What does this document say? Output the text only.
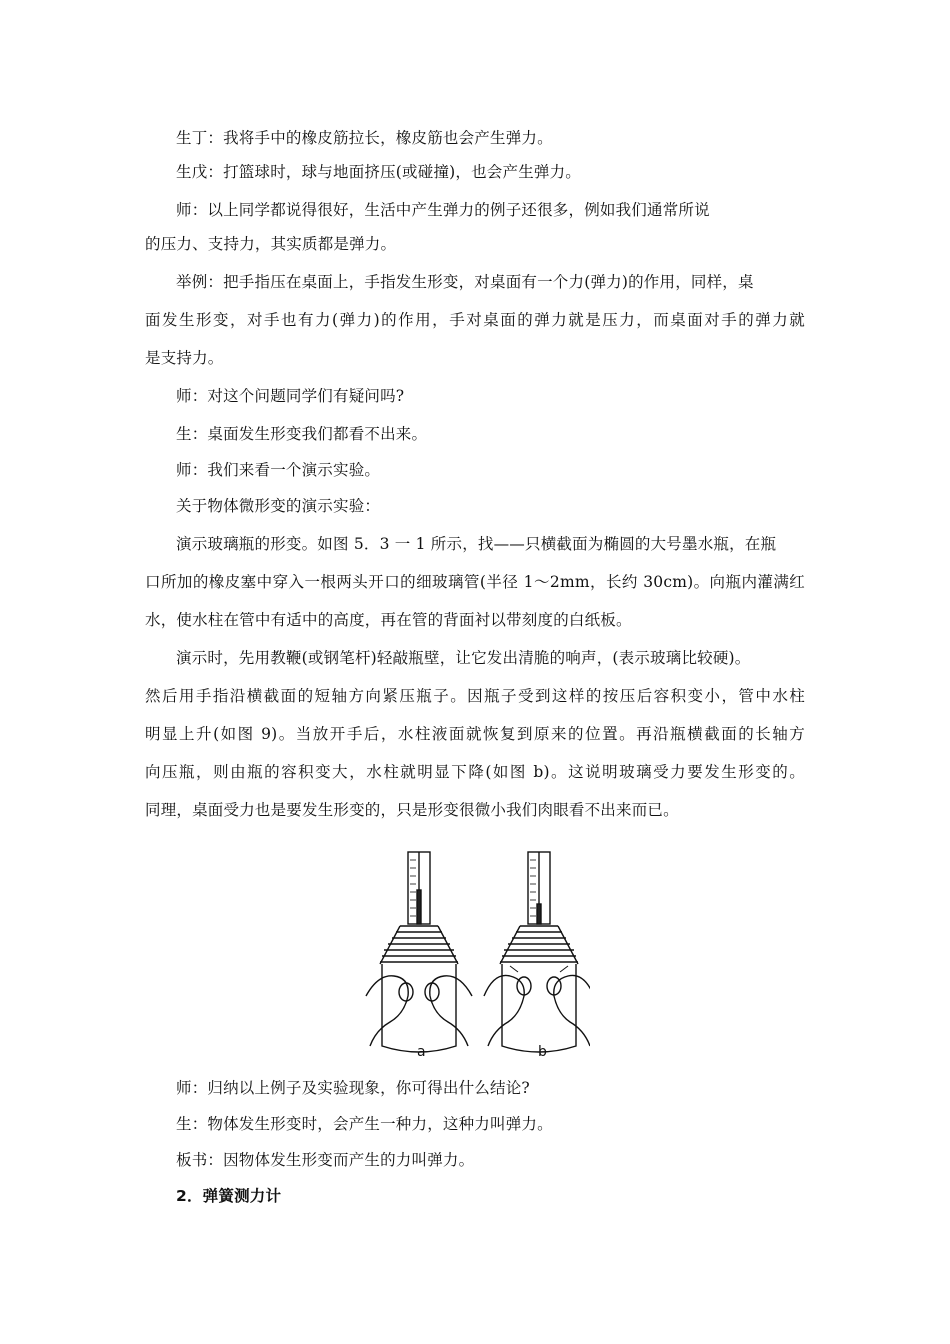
生丁：我将手中的橡皮筋拉长，橡皮筋也会产生弹力。
生戊：打篮球时，球与地面挤压(或碰撞)，也会产生弹力。
师：以上同学都说得很好，生活中产生弹力的例子还很多，例如我们通常所说
的压力、支持力，其实质都是弹力。
举例：把手指压在桌面上，手指发生形变，对桌面有一个力(弹力)的作用，同样，桌
面发生形变，对手也有力(弹力)的作用，手对桌面的弹力就是压力，而桌面对手的弹力就
是支持力。
师：对这个问题同学们有疑问吗?
生：桌面发生形变我们都看不出来。
师：我们来看一个演示实验。
关于物体微形变的演示实验：
演示玻璃瓶的形变。如图 5．3 一 1 所示，找——只横截面为椭圆的大号墨水瓶，在瓶
口所加的橡皮塞中穿入一根两头开口的细玻璃管(半径 1～2mm，长约 30cm)。向瓶内灌满红
水，使水柱在管中有适中的高度，再在管的背面衬以带刻度的白纸板。
演示时，先用教鞭(或钢笔杆)轻敲瓶壁，让它发出清脆的响声，(表示玻璃比较硬)。
然后用手指沿横截面的短轴方向紧压瓶子。因瓶子受到这样的按压后容积变小，管中水柱
明显上升(如图 9)。当放开手后，水柱液面就恢复到原来的位置。再沿瓶横截面的长轴方
向压瓶，则由瓶的容积变大，水柱就明显下降(如图 b)。这说明玻璃受力要发生形变的。
同理，桌面受力也是要发生形变的，只是形变很微小我们肉眼看不出来而已。
a	b
师：归纳以上例子及实验现象，你可得出什么结论?
生：物体发生形变时，会产生一种力，这种力叫弹力。
板书：因物体发生形变而产生的力叫弹力。
2．弹簧测力计
